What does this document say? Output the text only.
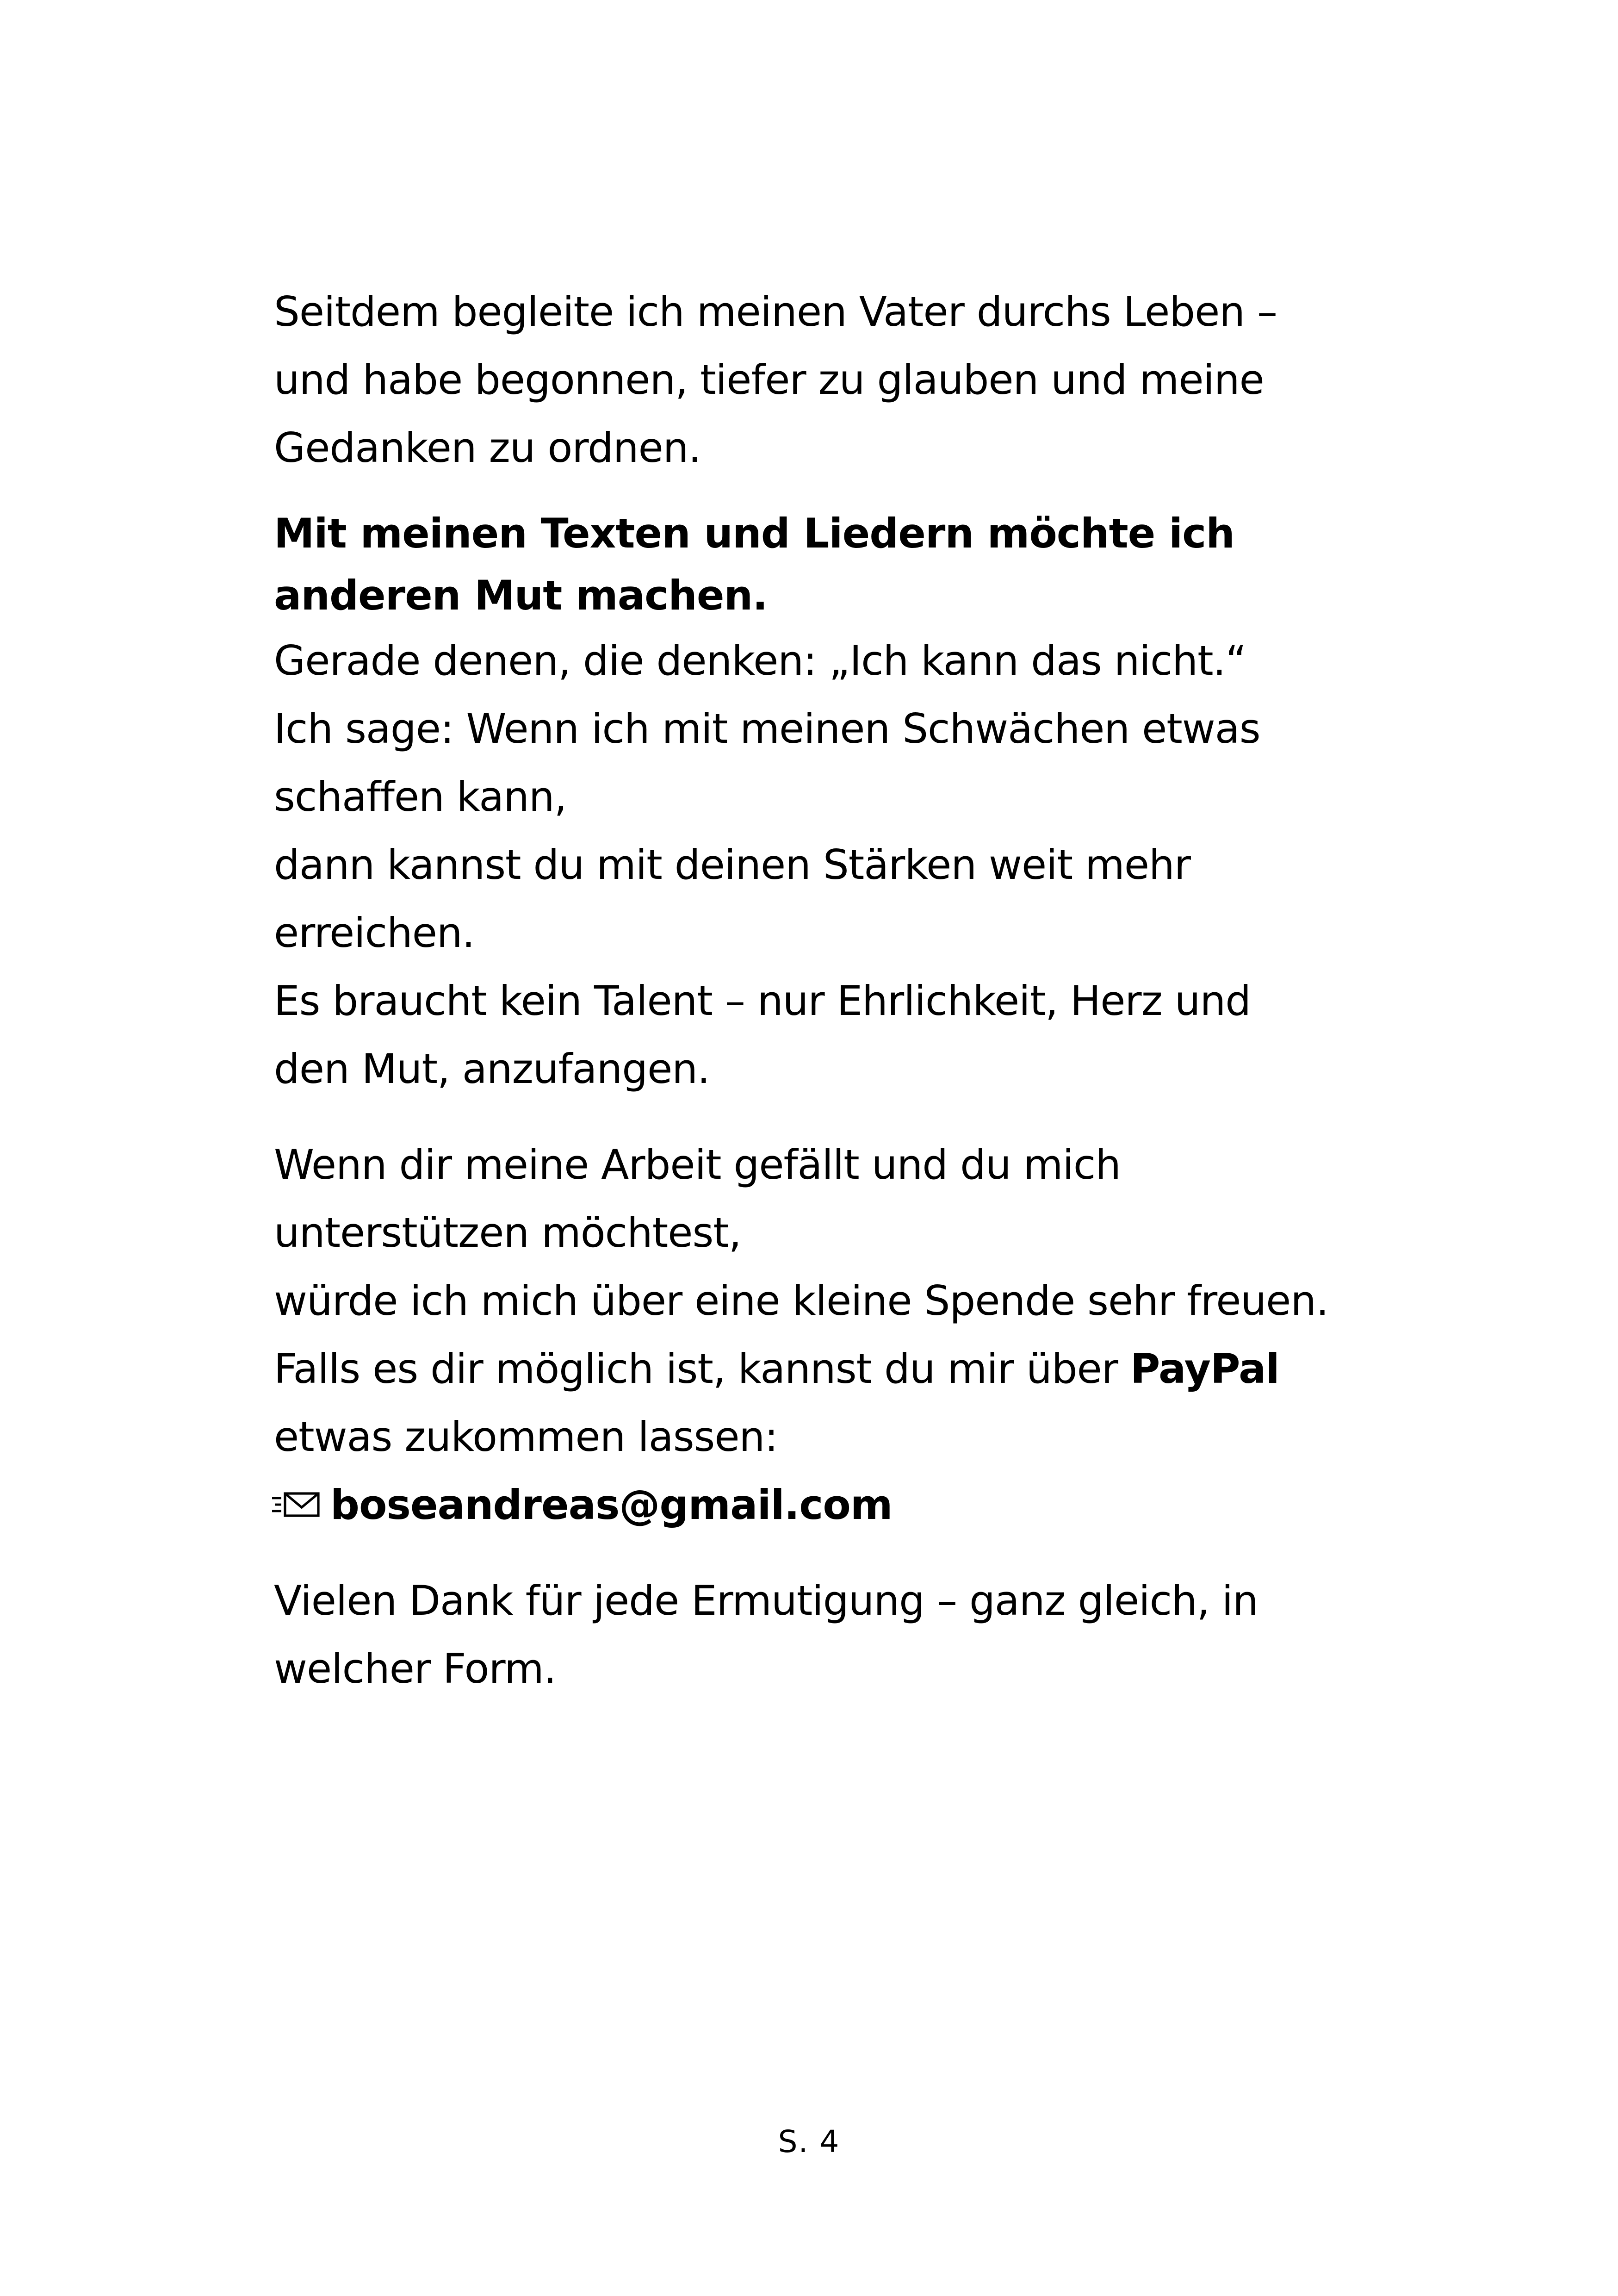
Seitdem begleite ich meinen Vater durchs Leben –
und habe begonnen, tiefer zu glauben und meine
Gedanken zu ordnen.

Mit meinen Texten und Liedern möchte ich
anderen Mut machen.

Gerade denen, die denken: „Ich kann das nicht.“
Ich sage: Wenn ich mit meinen Schwächen etwas
schaffen kann,
dann kannst du mit deinen Stärken weit mehr
erreichen.
Es braucht kein Talent – nur Ehrlichkeit, Herz und
den Mut, anzufangen.

Wenn dir meine Arbeit gefällt und du mich
unterstützen möchtest,
würde ich mich über eine kleine Spende sehr freuen.
Falls es dir möglich ist, kannst du mir über PayPal
etwas zukommen lassen:
boseandreas@gmail.com

Vielen Dank für jede Ermutigung – ganz gleich, in
welcher Form.

S. 4
